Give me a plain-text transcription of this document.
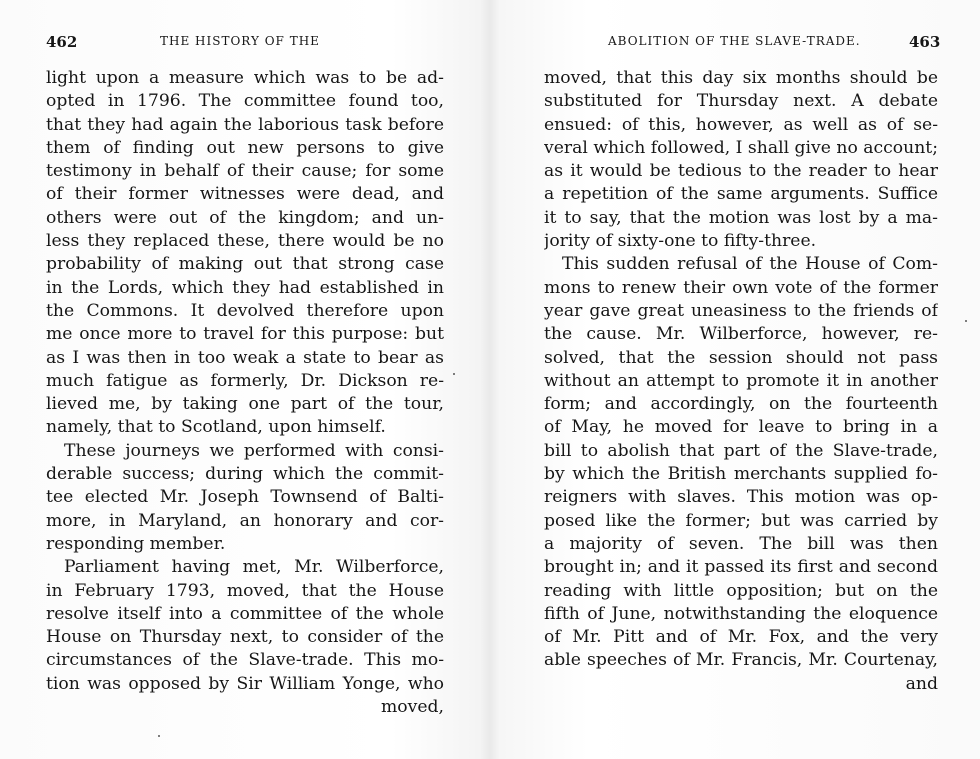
462	THE HISTORY OF THE
light upon a measure which was to be ad-
opted in 1796. The committee found too,
that they had again the laborious task before
them of finding out new persons to give
testimony in behalf of their cause; for some
of their former witnesses were dead, and
others were out of the kingdom; and un-
less they replaced these, there would be no
probability of making out that strong case
in the Lords, which they had established in
the Commons. It devolved therefore upon
me once more to travel for this purpose: but
as I was then in too weak a state to bear as
much fatigue as formerly, Dr. Dickson re-
lieved me, by taking one part of the tour,
namely, that to Scotland, upon himself.
These journeys we performed with consi-
derable success; during which the commit-
tee elected Mr. Joseph Townsend of Balti-
more, in Maryland, an honorary and cor-
responding member.
Parliament having met, Mr. Wilberforce,
in February 1793, moved, that the House
resolve itself into a committee of the whole
House on Thursday next, to consider of the
circumstances of the Slave-trade. This mo-
tion was opposed by Sir William Yonge, who
moved,
ABOLITION OF THE SLAVE-TRADE.	463
moved, that this day six months should be
substituted for Thursday next. A debate
ensued: of this, however, as well as of se-
veral which followed, I shall give no account;
as it would be tedious to the reader to hear
a repetition of the same arguments. Suffice
it to say, that the motion was lost by a ma-
jority of sixty-one to fifty-three.
This sudden refusal of the House of Com-
mons to renew their own vote of the former
year gave great uneasiness to the friends of
the cause. Mr. Wilberforce, however, re-
solved, that the session should not pass
without an attempt to promote it in another
form; and accordingly, on the fourteenth
of May, he moved for leave to bring in a
bill to abolish that part of the Slave-trade,
by which the British merchants supplied fo-
reigners with slaves. This motion was op-
posed like the former; but was carried by
a majority of seven. The bill was then
brought in; and it passed its first and second
reading with little opposition; but on the
fifth of June, notwithstanding the eloquence
of Mr. Pitt and of Mr. Fox, and the very
able speeches of Mr. Francis, Mr. Courtenay,
and
